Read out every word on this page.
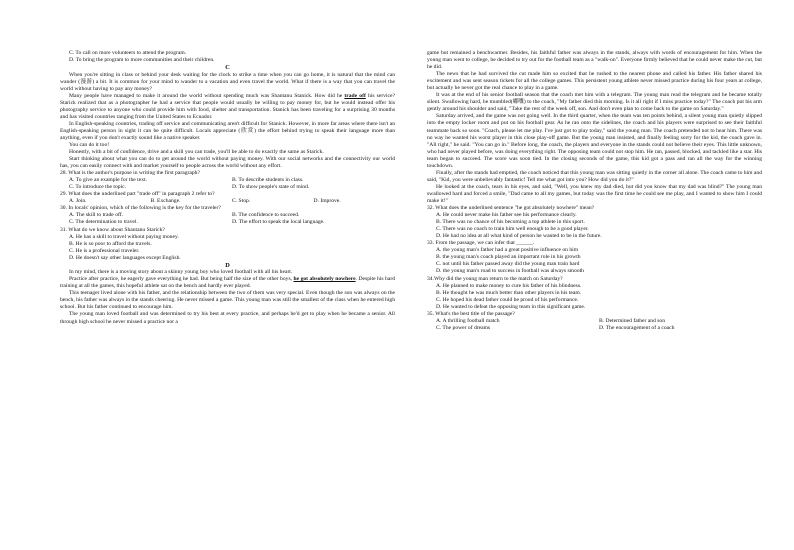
C. To call on more volunteers to attend the program.

D. To bring the program to more communities and their children.

C

When you're sitting in class or behind your desk waiting for the clock to strike a time when you can go home, it is natural that the mind can wander (漫游) a bit. It is common for your mind to wander to a vacation and even travel the world. What if there is a way that you can travel the world without having to pay any money?

Many people have managed to make it around the world without spending much was Shantanu Stanick. How did he trade off his service? Starick realized that as a photographer he had a service that people would usually be willing to pay money for, but he would instead offer his photography service to anyone who could provide him with food, shelter and transportation. Stanick has been traveling for a surprising 30 months and has visited countries ranging from the United States to Ecuador.

In English-speaking countries, trading off service and communicating aren't difficult for Stanick. However, in more far areas where there isn't an English-speaking person in sight it can be quite difficult. Locals appreciate (欣赏) the effort behind trying to speak their language more than anything, even if you don't exactly sound like a native speaker.

You can do it too!

Honestly, with a bit of confidence, drive and a skill you can trade, you'll be able to do exactly the same as Starick.

Start thinking about what you can do to get around the world without paying money. With our social networks and the connectivity our world has, you can easily connect with and market yourself to people across the world without any effort.

28. What is the author's purpose in writing the first paragraph?

A. To give an example for the text.	B. To describe students in class.
C. To introduce the topic.	D. To show people's state of mind.

29. What does the underlined part "trade off" in paragraph 2 refer to?

A. Join.	B. Exchange.	C. Stop.	D. Improve.

30. In locals' opinion, which of the following is the key for the traveler?

A. The skill to trade off.	B. The confidence to succeed.
C. The determination to travel.	D. The effort to speak the local language.

31. What do we know about Shantanu Starick?

A. He has a skill to travel without paying money.

B. He is so poor to afford the travels.

C. He is a professional traveler.

D. He doesn't say other languages except English.

D

In my mind, there is a moving story about a skinny young boy who loved football with all his heart.

Practice after practice, he eagerly gave everything he had. But being half the size of the other boys, he got absolutely nowhere. Despite his hard training at all the games, this hopeful athlete sat on the bench and hardly ever played.

This teenager lived alone with his father, and the relationship between the two of them was very special. Even though the son was always on the bench, his father was always in the stands cheering. He never missed a game. This young man was still the smallest of the class when he entered high school. But his father continued to encourage him.

The young man loved football and was determined to try his best at every practice, and perhaps he'd get to play when he became a senior. All through high school he never missed a practice nor a

game but remained a benchwarmer. Besides, his faithful father was always in the stands, always with words of encouragement for him. When the young man went to college, he decided to try out for the football team as a "walk-on". Everyone firmly believed that he could never make the cut, but he did.

The news that he had survived the cut made him so excited that he rushed to the nearest phone and called his father. His father shared his excitement and was sent season tickets for all the college games. This persistent young athlete never missed practice during his four years at college, but actually he never got the real chance to play in a game.

It was at the end of his senior football season that the coach met him with a telegram. The young man read the telegram and he became totally silent. Swallowing hard, he mumbled(嘟囔) to the coach, "My father died this morning. Is it all right if I miss practice today?" The coach put his arm gently around his shoulder and said, "Take the rest of the week off, son. And don't even plan to come back to the game on Saturday."

Saturday arrived, and the game was not going well. In the third quarter, when the team was ten points behind, a silent young man quietly slipped into the empty locker room and put on his football gear. As he ran onto the sidelines, the coach and his players were surprised to see their faithful teammate back so soon. "Coach, please let me play. I've just got to play today," said the young man. The coach pretended not to hear him. There was no way he wanted his worst player in this close play-off game. But the young man insisted, and finally feeling sorry for the kid, the coach gave in. "All right," he said. "You can go in." Before long, the coach, the players and everyone in the stands could not believe their eyes. This little unknown, who had never played before, was doing everything right. The opposing team could not stop him. He ran, passed, blocked, and tackled like a star. His team began to succeed. The score was soon tied. In the closing seconds of the game, this kid got a pass and ran all the way for the winning touchdown.

Finally, after the stands had emptied, the coach noticed that this young man was sitting quietly in the corner all alone. The coach came to him and said, "Kid, you were unbelievably fantastic! Tell me what got into you? How did you do it?"

He looked at the coach, tears in his eyes, and said, "Well, you knew my dad died, but did you know that my dad was blind?" The young man swallowed hard and forced a smile, "Dad came to all my games, but today was the first time he could see me play, and I wanted to show him I could make it!"

32. What does the underlined sentence "he got absolutely nowhere" mean?

A. He could never make his father see his performance clearly.

B. There was no chance of his becoming a top athlete in this sport.

C. There was no coach to train him well enough to be a good player.

D. He had no idea at all what kind of person he wanted to be in the future.

33. From the passage, we can infer that ______.

A. the young man's father had a great positive influence on him

B. the young man's coach played an important role in his growth

C. not until his father passed away did the young man train hard

D. the young man's road to success in football was always smooth

34.Why did the young man return to the match on Saturday?

A. He planned to make money to cure his father of his blindness.

B. He thought he was much better than other players in his team.

C. He hoped his dead father could be proud of his performance.

D. He wanted to defeat the opposing team in this significant game.

35. What's the best title of the passage?

A. A thrilling football match	B. Determined father and son
C. The power of dreams	D. The encouragement of a coach
